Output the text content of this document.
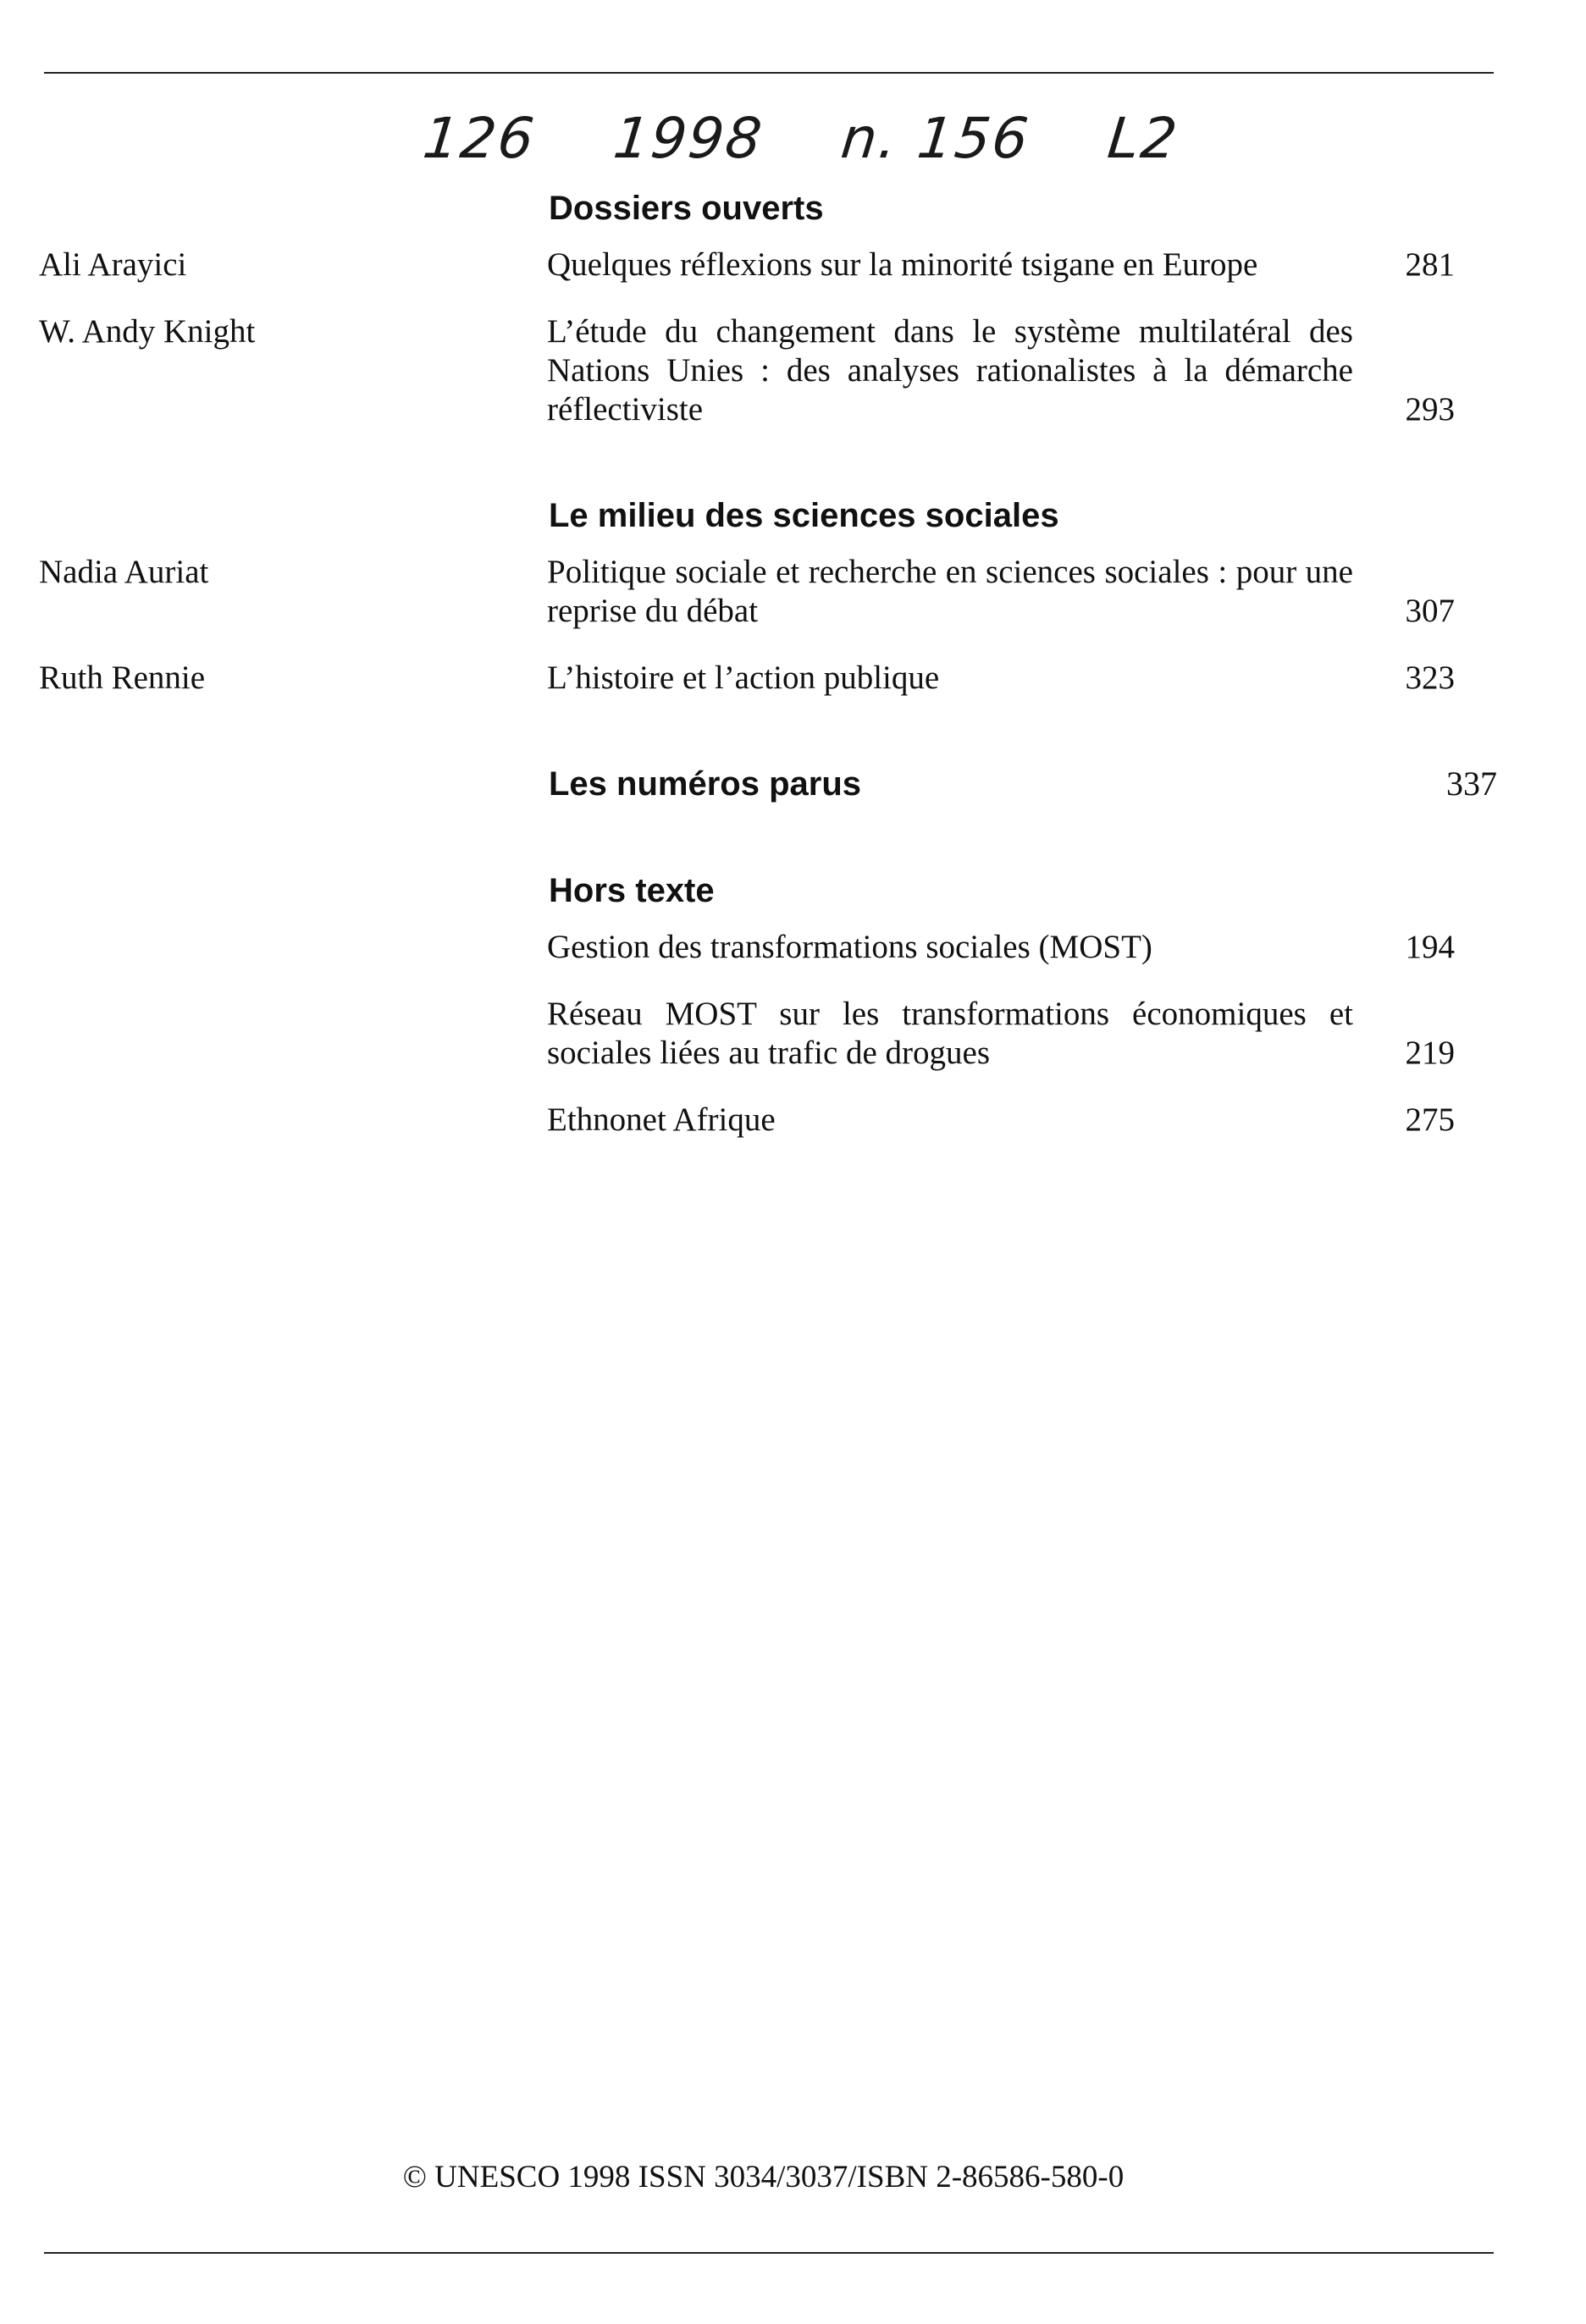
126 1998 n. 156 L2
Dossiers ouverts
Ali Arayici	Quelques réflexions sur la minorité tsigane en Europe	281
W. Andy Knight	L’étude du changement dans le système multilatéral des Nations Unies : des analyses rationalistes à la démarche réflectiviste	293
Le milieu des sciences sociales
Nadia Auriat	Politique sociale et recherche en sciences sociales : pour une reprise du débat	307
Ruth Rennie	L’histoire et l’action publique	323
Les numéros parus	337
Hors texte
Gestion des transformations sociales (MOST)	194
Réseau MOST sur les transformations économiques et sociales liées au trafic de drogues	219
Ethnonet Afrique	275
© UNESCO 1998 ISSN 3034/3037/ISBN 2-86586-580-0
